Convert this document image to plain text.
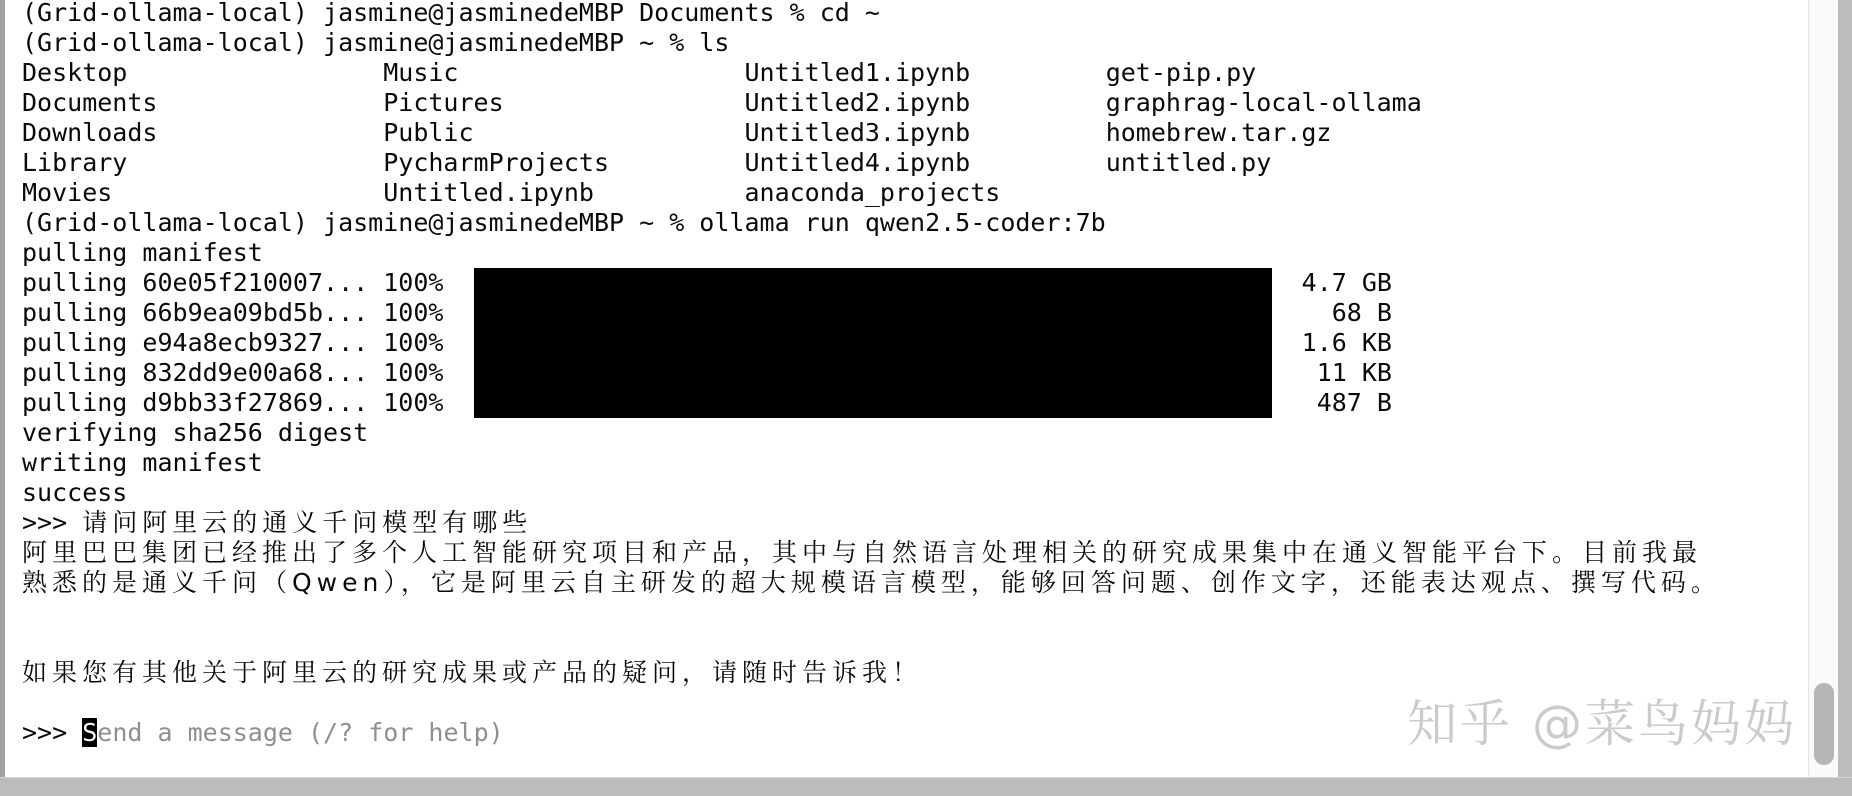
(Grid-ollama-local) jasmine@jasminedeMBP Documents % cd ~
(Grid-ollama-local) jasmine@jasminedeMBP ~ % ls
Desktop                 Music                   Untitled1.ipynb         get-pip.py
Documents               Pictures                Untitled2.ipynb         graphrag-local-ollama
Downloads               Public                  Untitled3.ipynb         homebrew.tar.gz
Library                 PycharmProjects         Untitled4.ipynb         untitled.py
Movies                  Untitled.ipynb          anaconda_projects
(Grid-ollama-local) jasmine@jasminedeMBP ~ % ollama run qwen2.5-coder:7b
pulling manifest
pulling 60e05f210007... 100%	4.7 GB
pulling 66b9ea09bd5b... 100%	68 B
pulling e94a8ecb9327... 100%	1.6 KB
pulling 832dd9e00a68... 100%	11 KB
pulling d9bb33f27869... 100%	487 B
verifying sha256 digest
writing manifest
success
>>> 请问阿里云的通义千问模型有哪些
阿里巴巴集团已经推出了多个人工智能研究项目和产品，其中与自然语言处理相关的研究成果集中在通义智能平台下。目前我最
熟悉的是通义千问（Qwen），它是阿里云自主研发的超大规模语言模型，能够回答问题、创作文字，还能表达观点、撰写代码。
如果您有其他关于阿里云的研究成果或产品的疑问，请随时告诉我！
>>> Send a message (/? for help)	知乎 @菜鸟妈妈
